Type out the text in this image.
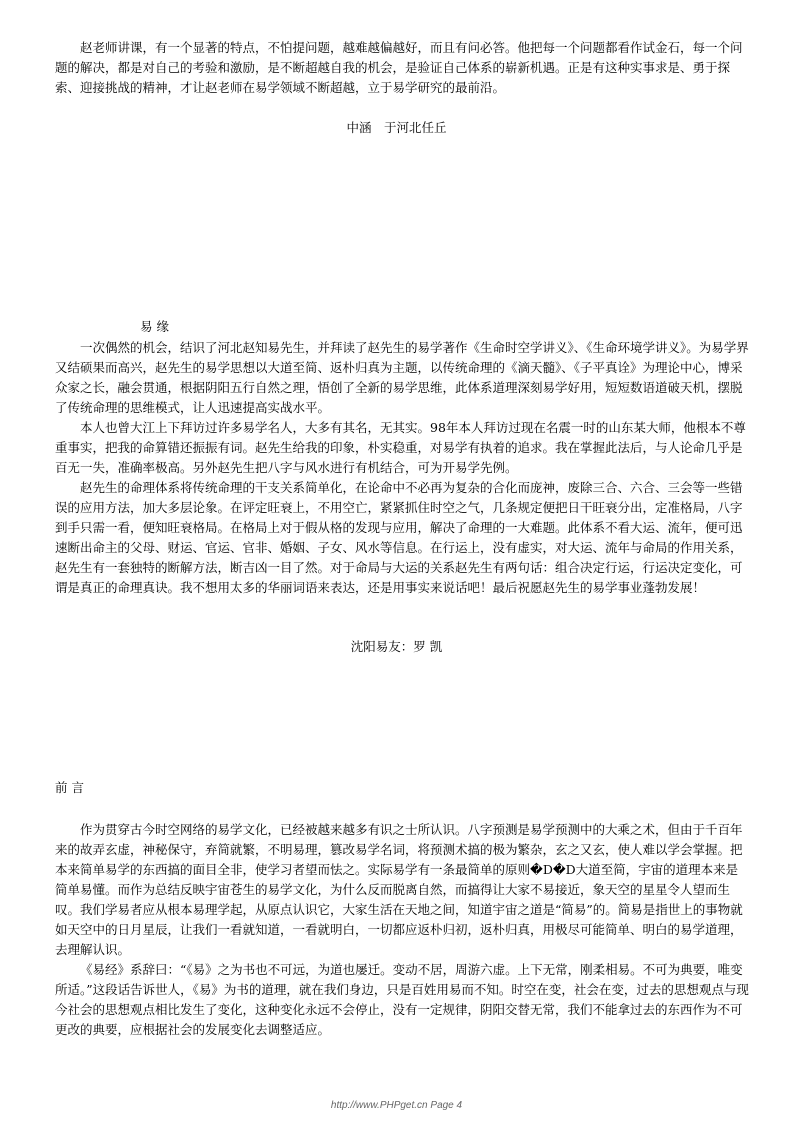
赵老师讲课，有一个显著的特点，不怕提问题，越难越偏越好，而且有问必答。他把每一个问题都看作试金石，每一个问题的解决，都是对自己的考验和激励，是不断超越自我的机会，是验证自己体系的崭新机遇。正是有这种实事求是、勇于探索、迎接挑战的精神，才让赵老师在易学领域不断超越，立于易学研究的最前沿。

中涵　于河北任丘
易 缘

一次偶然的机会，结识了河北赵知易先生，并拜读了赵先生的易学著作《生命时空学讲义》、《生命环境学讲义》。为易学界又结硕果而高兴，赵先生的易学思想以大道至简、返朴归真为主题，以传统命理的《滴天髓》、《子平真诠》为理论中心，博采众家之长，融会贯通，根据阴阳五行自然之理，悟创了全新的易学思维，此体系道理深刻易学好用，短短数语道破天机，摆脱了传统命理的思维模式，让人迅速提高实战水平。

本人也曾大江上下拜访过许多易学名人，大多有其名，无其实。98年本人拜访过现在名震一时的山东某大师，他根本不尊重事实，把我的命算错还振振有词。赵先生给我的印象，朴实稳重，对易学有执着的追求。我在掌握此法后，与人论命几乎是百无一失，准确率极高。另外赵先生把八字与风水进行有机结合，可为开易学先例。

赵先生的命理体系将传统命理的干支关系简单化，在论命中不必再为复杂的合化而庞神，废除三合、六合、三会等一些错误的应用方法，加大多层论象。在评定旺衰上，不用空亡，紧紧抓住时空之气，几条规定便把日干旺衰分出，定准格局，八字到手只需一看，便知旺衰格局。在格局上对于假从格的发现与应用，解决了命理的一大难题。此体系不看大运、流年，便可迅速断出命主的父母、财运、官运、官非、婚姻、子女、风水等信息。在行运上，没有虚实，对大运、流年与命局的作用关系，赵先生有一套独特的断解方法，断吉凶一目了然。对于命局与大运的关系赵先生有两句话：组合决定行运，行运决定变化，可谓是真正的命理真诀。我不想用太多的华丽词语来表达，还是用事实来说话吧！最后祝愿赵先生的易学事业蓬勃发展！

沈阳易友：罗 凯
前 言

作为贯穿古今时空网络的易学文化，已经被越来越多有识之士所认识。八字预测是易学预测中的大乘之术，但由于千百年来的故弄玄虚，神秘保守，弃简就繁，不明易理，篡改易学名词，将预测术搞的极为繁杂，玄之又玄，使人难以学会掌握。把本来简单易学的东西搞的面目全非，使学习者望而怯之。实际易学有一条最简单的原则�D�D大道至简，宇宙的道理本来是简单易懂。而作为总结反映宇宙苍生的易学文化，为什么反而脱离自然，而搞得让大家不易接近，象天空的星星令人望而生叹。我们学易者应从根本易理学起，从原点认识它，大家生活在天地之间，知道宇宙之道是“简易”的。简易是指世上的事物就如天空中的日月星辰，让我们一看就知道，一看就明白，一切都应返朴归初，返朴归真，用极尽可能简单、明白的易学道理，去理解认识。

《易经》系辞曰：“《易》之为书也不可远，为道也屡迁。变动不居，周游六虚。上下无常，刚柔相易。不可为典要，唯变所适。”这段话告诉世人，《易》为书的道理，就在我们身边，只是百姓用易而不知。时空在变，社会在变，过去的思想观点与现今社会的思想观点相比发生了变化，这种变化永远不会停止，没有一定规律，阴阳交替无常，我们不能拿过去的东西作为不可更改的典要，应根据社会的发展变化去调整适应。

http://www.PHPget.cn Page 4
